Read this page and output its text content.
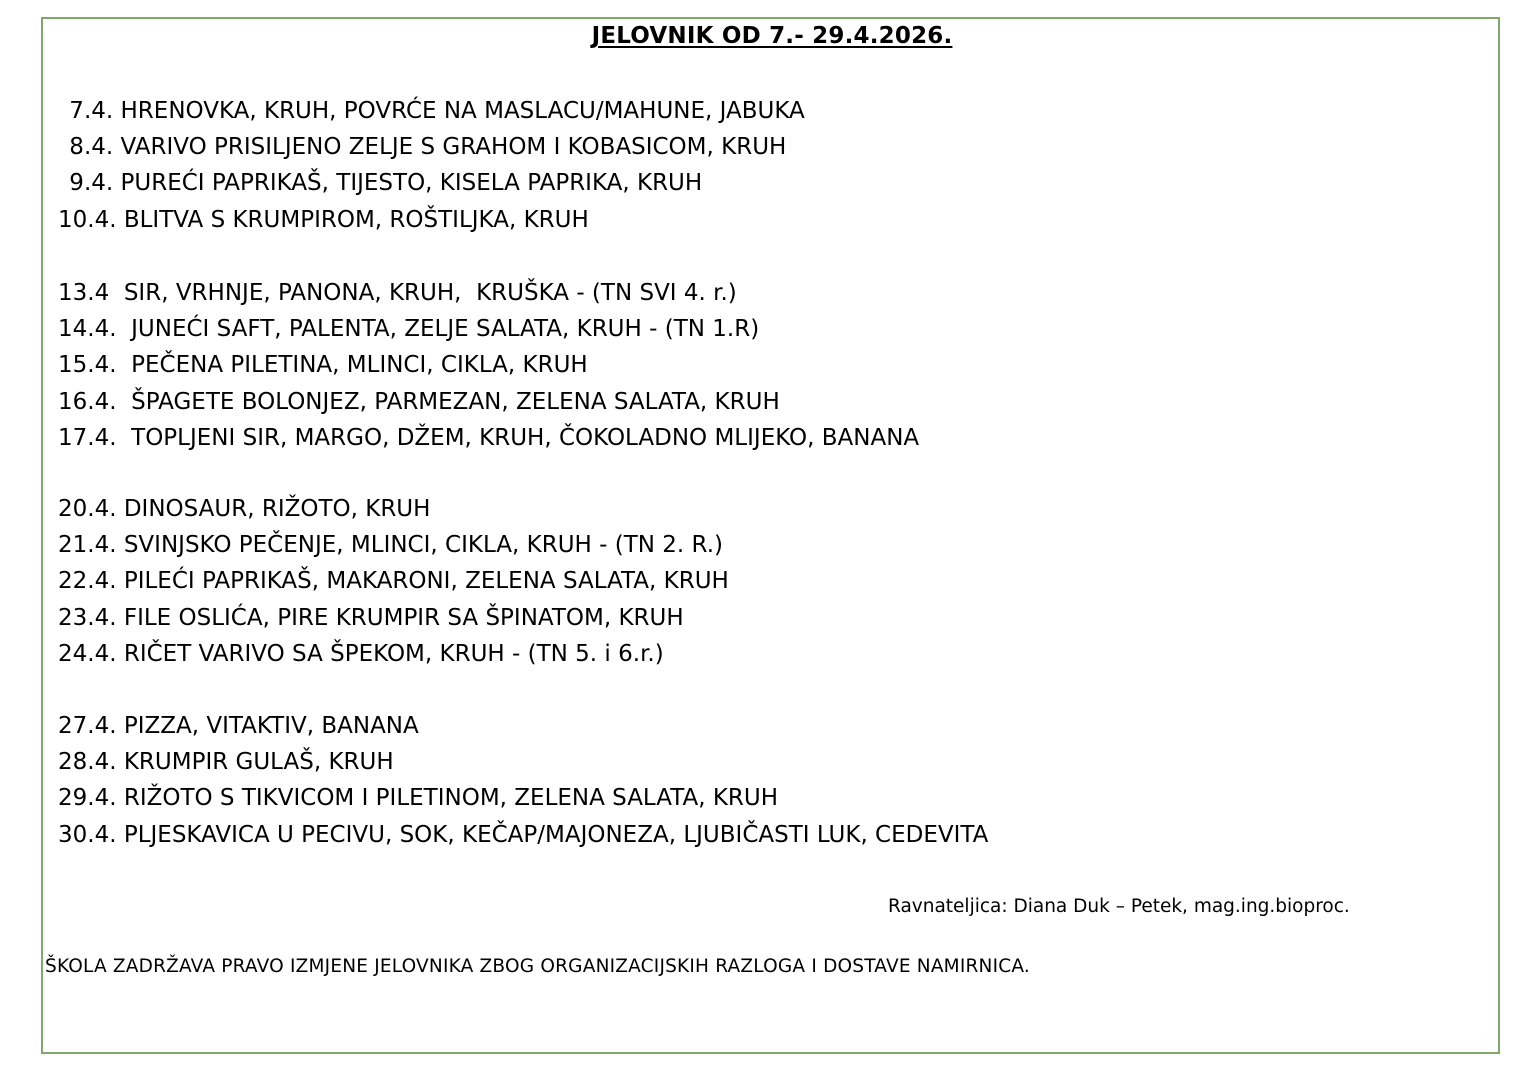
JELOVNIK OD 7.- 29.4.2026.
7.4. HRENOVKA, KRUH, POVRĆE NA MASLACU/MAHUNE, JABUKA
8.4. VARIVO PRISILJENO ZELJE S GRAHOM I KOBASICOM, KRUH
9.4. PUREĆI PAPRIKAŠ, TIJESTO, KISELA PAPRIKA, KRUH
10.4. BLITVA S KRUMPIROM, ROŠTILJKA, KRUH
13.4  SIR, VRHNJE, PANONA, KRUH,  KRUŠKA - (TN SVI 4. r.)
14.4.  JUNEĆI SAFT, PALENTA, ZELJE SALATA, KRUH - (TN 1.R)
15.4.  PEČENA PILETINA, MLINCI, CIKLA, KRUH
16.4.  ŠPAGETE BOLONJEZ, PARMEZAN, ZELENA SALATA, KRUH
17.4.  TOPLJENI SIR, MARGO, DŽEM, KRUH, ČOKOLADNO MLIJEKO, BANANA
20.4. DINOSAUR, RIŽOTO, KRUH
21.4. SVINJSKO PEČENJE, MLINCI, CIKLA, KRUH - (TN 2. R.)
22.4. PILEĆI PAPRIKAŠ, MAKARONI, ZELENA SALATA, KRUH
23.4. FILE OSLIĆA, PIRE KRUMPIR SA ŠPINATOM, KRUH
24.4. RIČET VARIVO SA ŠPEKOM, KRUH - (TN 5. i 6.r.)
27.4. PIZZA, VITAKTIV, BANANA
28.4. KRUMPIR GULAŠ, KRUH
29.4. RIŽOTO S TIKVICOM I PILETINOM, ZELENA SALATA, KRUH
30.4. PLJESKAVICA U PECIVU, SOK, KEČAP/MAJONEZA, LJUBIČASTI LUK, CEDEVITA
Ravnateljica: Diana Duk – Petek, mag.ing.bioproc.
ŠKOLA ZADRŽAVA PRAVO IZMJENE JELOVNIKA ZBOG ORGANIZACIJSKIH RAZLOGA I DOSTAVE NAMIRNICA.
